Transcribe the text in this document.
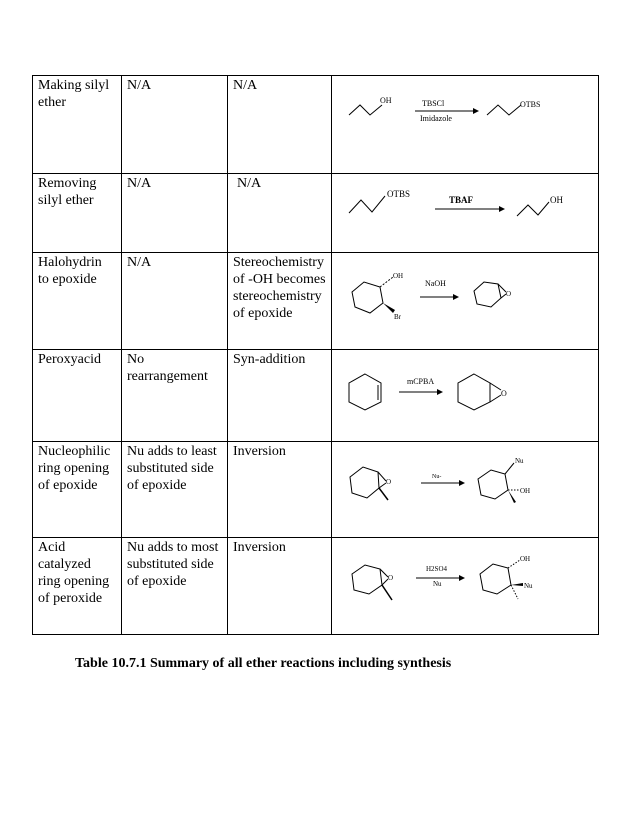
Making silyl ether	N/A	N/A	OH TBSCl
Imidazole
OTBS

Removing silyl ether	N/A	N/A	OTBS
TBAF OH

Halohydrin to epoxide	N/A	Stereochemistry of -OH becomes stereochemistry of epoxide	OH
Br
NaOH
O

Peroxyacid	No rearrangement	Syn-addition	mCPBA
O

Nucleophilic ring opening of epoxide	Nu adds to least substituted side of epoxide	Inversion	O
Nu-
Nu
OH

Acid catalyzed ring opening of peroxide	Nu adds to most substituted side of epoxide	Inversion	O
H2SO4
Nu
OH
Nu
Table 10.7.1 Summary of all ether reactions including synthesis
